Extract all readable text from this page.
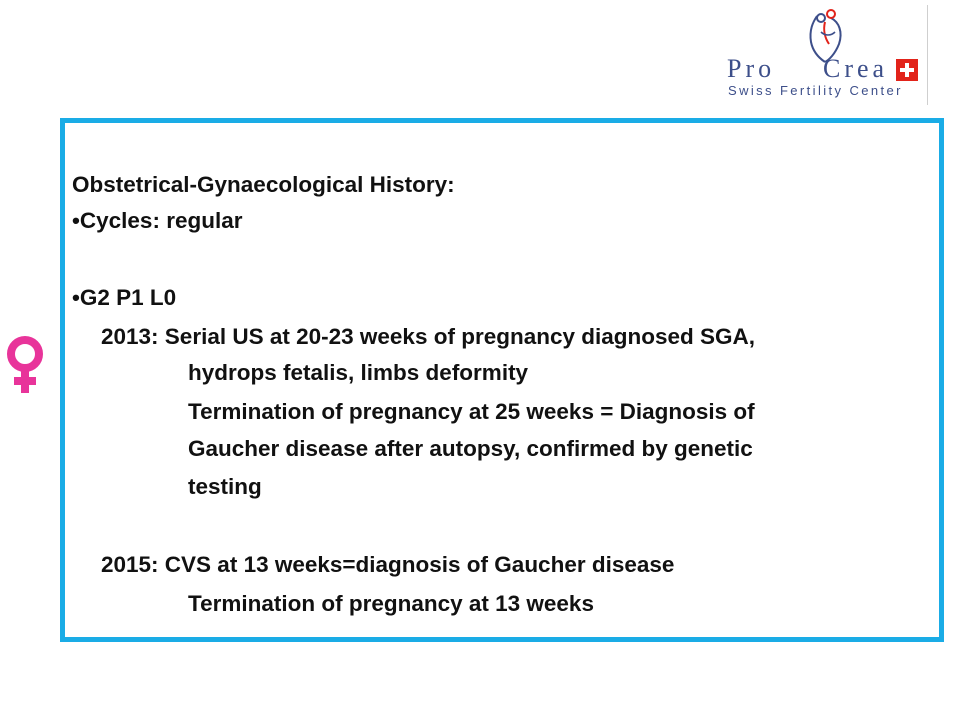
Pro Crea
Swiss Fertility Center
Obstetrical-Gynaecological History:
•Cycles: regular
•G2 P1 L0
2013: Serial US at 20-23 weeks of pregnancy diagnosed SGA,
hydrops fetalis, limbs deformity
Termination of pregnancy at 25 weeks = Diagnosis of
Gaucher disease after autopsy, confirmed by genetic
testing
2015: CVS at 13 weeks=diagnosis of Gaucher disease
Termination of pregnancy at 13 weeks
